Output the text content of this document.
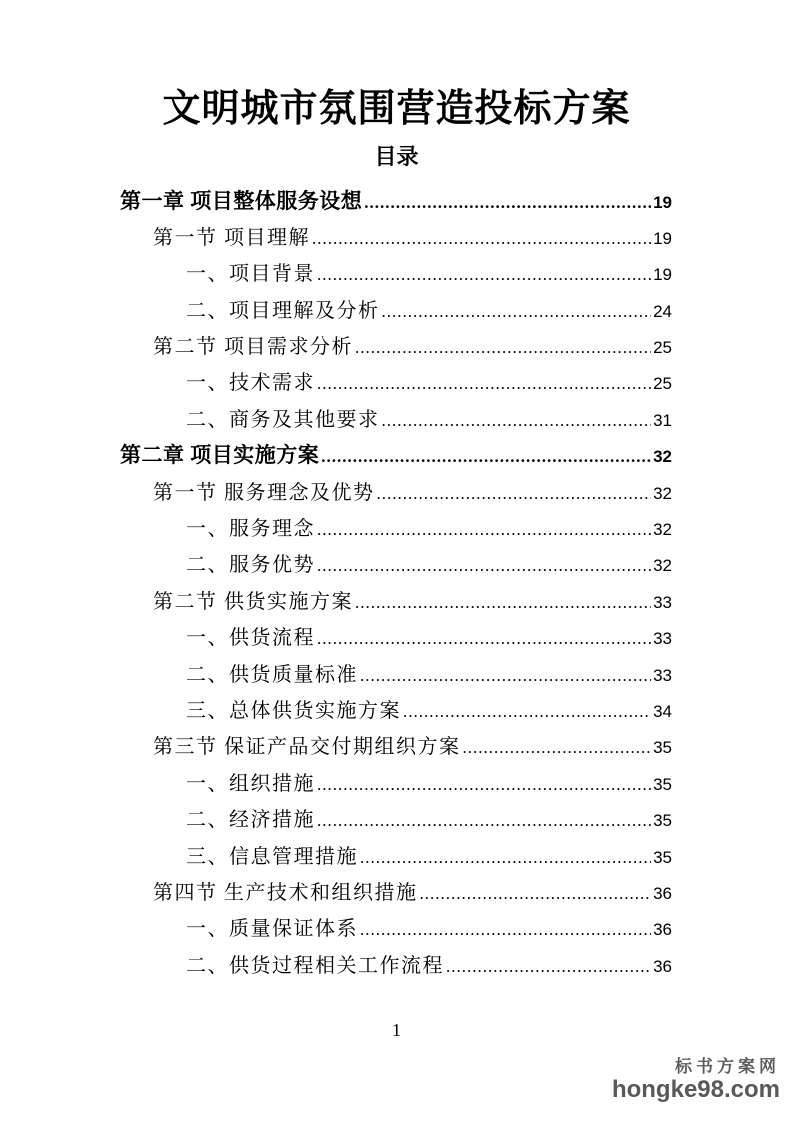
文明城市氛围营造投标方案
目录
第一章 项目整体服务设想 .....	19
第一节 项目理解 .....	19
一、项目背景 .....	19
二、项目理解及分析 .....	24
第二节 项目需求分析 .....	25
一、技术需求 .....	25
二、商务及其他要求 .....	31
第二章 项目实施方案 .....	32
第一节 服务理念及优势 .....	32
一、服务理念 .....	32
二、服务优势 .....	32
第二节 供货实施方案 .....	33
一、供货流程 .....	33
二、供货质量标准 .....	33
三、总体供货实施方案 .....	34
第三节 保证产品交付期组织方案 .....	35
一、组织措施 .....	35
二、经济措施 .....	35
三、信息管理措施 .....	35
第四节 生产技术和组织措施 .....	36
一、质量保证体系 .....	36
二、供货过程相关工作流程 .....	36
1
标书方案网
hongke98.com
